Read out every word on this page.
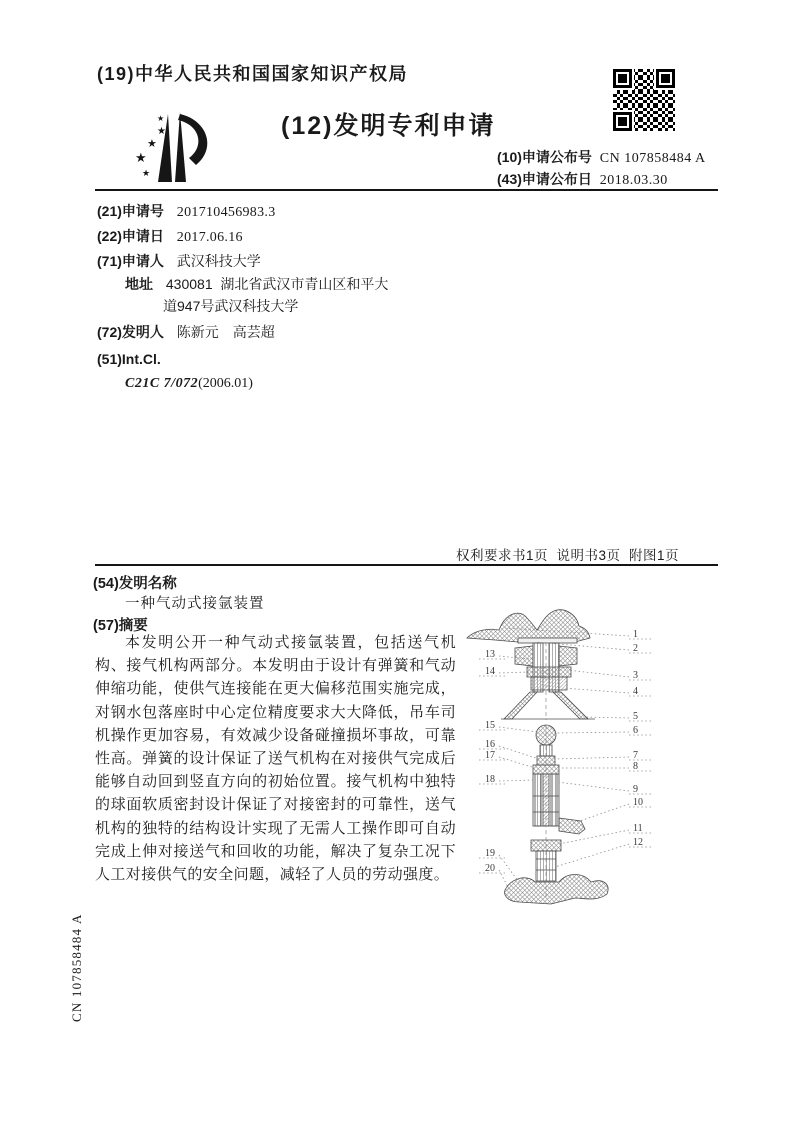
(19)中华人民共和国国家知识产权局
★
★
★
★
★
(12)发明专利申请
(10)申请公布号 CN 107858484 A
(43)申请公布日 2018.03.30
(21)申请号 201710456983.3
(22)申请日 2017.06.16
(71)申请人 武汉科技大学
地址 430081  湖北省武汉市青山区和平大
道947号武汉科技大学
(72)发明人 陈新元　高芸超
(51)Int.Cl.
C21C 7/072(2006.01)
权利要求书1页  说明书3页  附图1页
(54)发明名称
一种气动式接氩装置
(57)摘要
本发明公开一种气动式接氩装置，包括送气机构、接气机构两部分。本发明由于设计有弹簧和气动伸缩功能，使供气连接能在更大偏移范围实施完成，对钢水包落座时中心定位精度要求大大降低，吊车司机操作更加容易，有效减少设备碰撞损坏事故，可靠性高。弹簧的设计保证了送气机构在对接供气完成后能够自动回到竖直方向的初始位置。接气机构中独特的球面软质密封设计保证了对接密封的可靠性，送气机构的独特的结构设计实现了无需人工操作即可自动完成上伸对接送气和回收的功能，解决了复杂工况下人工对接供气的安全问题，减轻了人员的劳动强度。
1
2
3
4
5
6
7
8
9
10
11
12
13
14
15
16
17
18
19
20
CN 107858484 A
